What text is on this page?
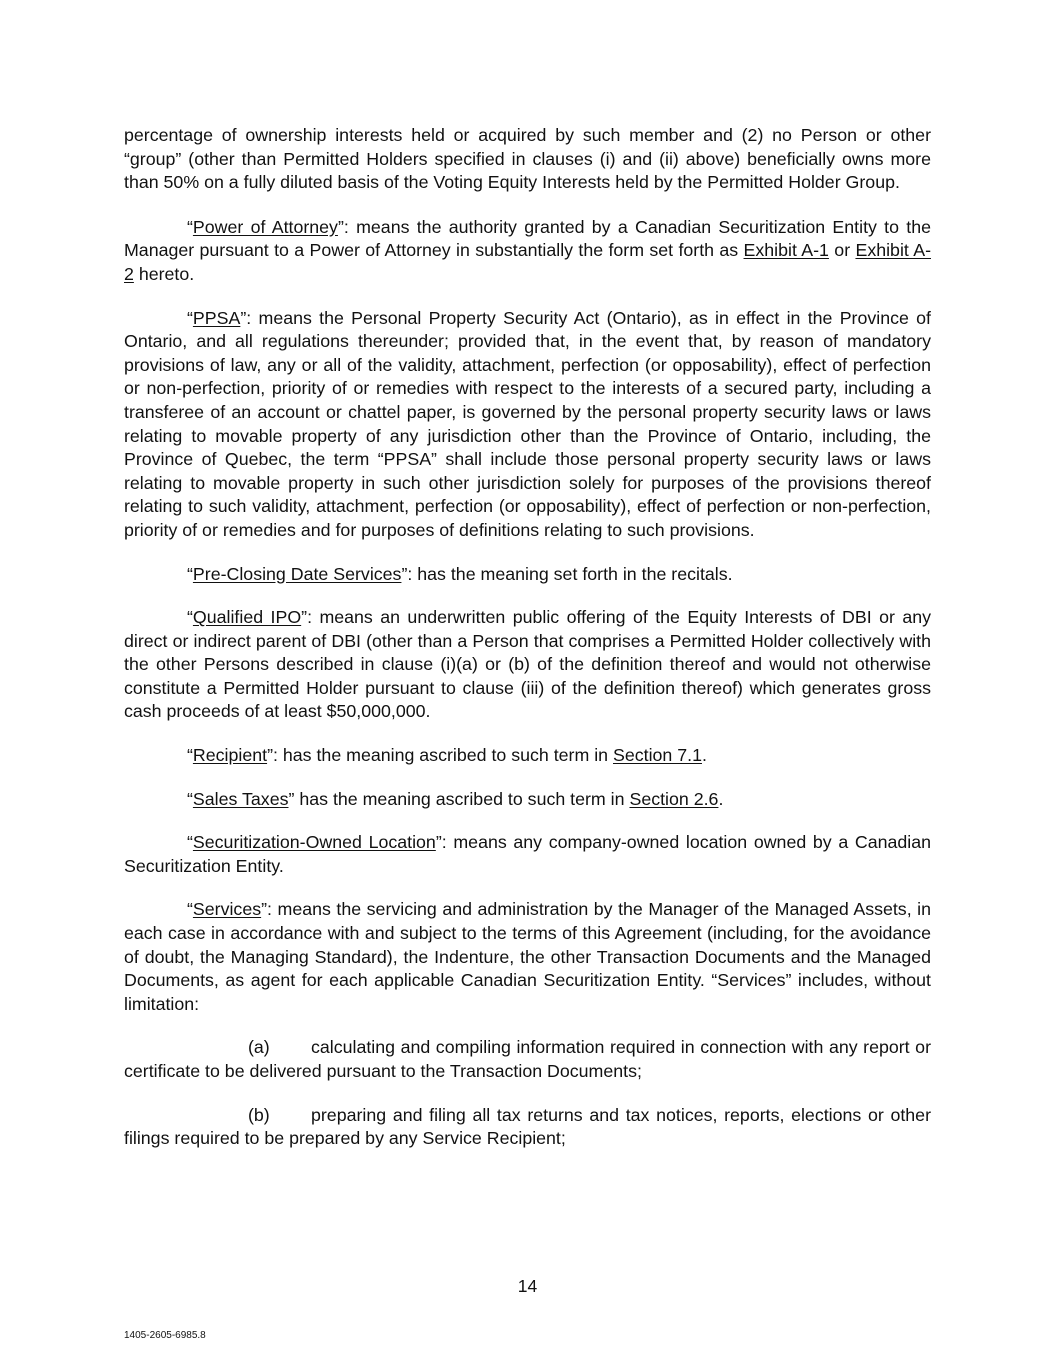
percentage of ownership interests held or acquired by such member and (2) no Person or other “group” (other than Permitted Holders specified in clauses (i) and (ii) above) beneficially owns more than 50% on a fully diluted basis of the Voting Equity Interests held by the Permitted Holder Group.

“Power of Attorney”: means the authority granted by a Canadian Securitization Entity to the Manager pursuant to a Power of Attorney in substantially the form set forth as Exhibit A-1 or Exhibit A-2 hereto.

“PPSA”: means the Personal Property Security Act (Ontario), as in effect in the Province of Ontario, and all regulations thereunder; provided that, in the event that, by reason of mandatory provisions of law, any or all of the validity, attachment, perfection (or opposability), effect of perfection or non-perfection, priority of or remedies with respect to the interests of a secured party, including a transferee of an account or chattel paper, is governed by the personal property security laws or laws relating to movable property of any jurisdiction other than the Province of Ontario, including, the Province of Quebec, the term “PPSA” shall include those personal property security laws or laws relating to movable property in such other jurisdiction solely for purposes of the provisions thereof relating to such validity, attachment, perfection (or opposability), effect of perfection or non-perfection, priority of or remedies and for purposes of definitions relating to such provisions.

“Pre-Closing Date Services”: has the meaning set forth in the recitals.

“Qualified IPO”: means an underwritten public offering of the Equity Interests of DBI or any direct or indirect parent of DBI (other than a Person that comprises a Permitted Holder collectively with the other Persons described in clause (i)(a) or (b) of the definition thereof and would not otherwise constitute a Permitted Holder pursuant to clause (iii) of the definition thereof) which generates gross cash proceeds of at least $50,000,000.

“Recipient”: has the meaning ascribed to such term in Section 7.1.

“Sales Taxes” has the meaning ascribed to such term in Section 2.6.

“Securitization-Owned Location”: means any company-owned location owned by a Canadian Securitization Entity.

“Services”: means the servicing and administration by the Manager of the Managed Assets, in each case in accordance with and subject to the terms of this Agreement (including, for the avoidance of doubt, the Managing Standard), the Indenture, the other Transaction Documents and the Managed Documents, as agent for each applicable Canadian Securitization Entity. “Services” includes, without limitation:

(a) calculating and compiling information required in connection with any report or certificate to be delivered pursuant to the Transaction Documents;

(b) preparing and filing all tax returns and tax notices, reports, elections or other filings required to be prepared by any Service Recipient;

14
1405-2605-6985.8
